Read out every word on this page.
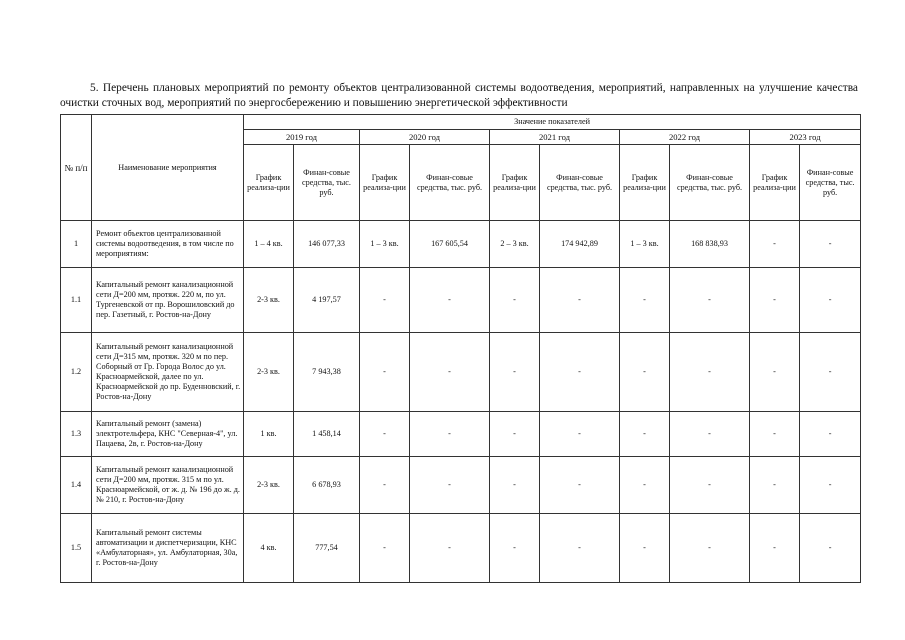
5. Перечень плановых мероприятий по ремонту объектов централизованной системы водоотведения, мероприятий, направленных на улучшение качества очистки сточных вод, мероприятий по энергосбережению и повышению энергетической эффективности

№ п/п	Наименование мероприятия	Значение показателей									
		2019 год		2020 год		2021 год		2022 год		2023 год	
		График реализа-ции	Финан-совые средства, тыс. руб.	График реализа-ции	Финан-совые средства, тыс. руб.	График реализа-ции	Финан-совые средства, тыс. руб.	График реализа-ции	Финан-совые средства, тыс. руб.	График реализа-ции	Финан-совые средства, тыс. руб.
1	Ремонт объектов централизованной системы водоотведения, в том числе по мероприятиям:	1 – 4 кв.	146 077,33	1 – 3 кв.	167 605,54	2 – 3 кв.	174 942,89	1 – 3 кв.	168 838,93	-	-
1.1	Капитальный ремонт канализационной сети Д=200 мм, протяж. 220 м, по ул. Тургеневской от пр. Ворошиловский до пер. Газетный, г. Ростов-на-Дону	2-3 кв.	4 197,57	-	-	-	-	-	-	-	-
1.2	Капитальный ремонт канализационной сети Д=315 мм, протяж. 320 м по пер. Соборный от Гр. Города Волос до ул. Красноармейской, далее по ул. Красноармейской до пр. Буденновский, г. Ростов-на-Дону	2-3 кв.	7 943,38	-	-	-	-	-	-	-	-
1.3	Капитальный ремонт (замена) электротельфера, КНС "Северная-4", ул. Пацаева, 2в, г. Ростов-на-Дону	1 кв.	1 458,14	-	-	-	-	-	-	-	-
1.4	Капитальный ремонт канализационной сети Д=200 мм, протяж. 315 м по ул. Красноармейской, от ж. д. № 196 до ж. д. № 210, г. Ростов-на-Дону	2-3 кв.	6 678,93	-	-	-	-	-	-	-	-
1.5	Капитальный ремонт системы автоматизации и диспетчеризации, КНС «Амбулаторная», ул. Амбулаторная, 30а, г. Ростов-на-Дону	4 кв.	777,54	-	-	-	-	-	-	-	-
